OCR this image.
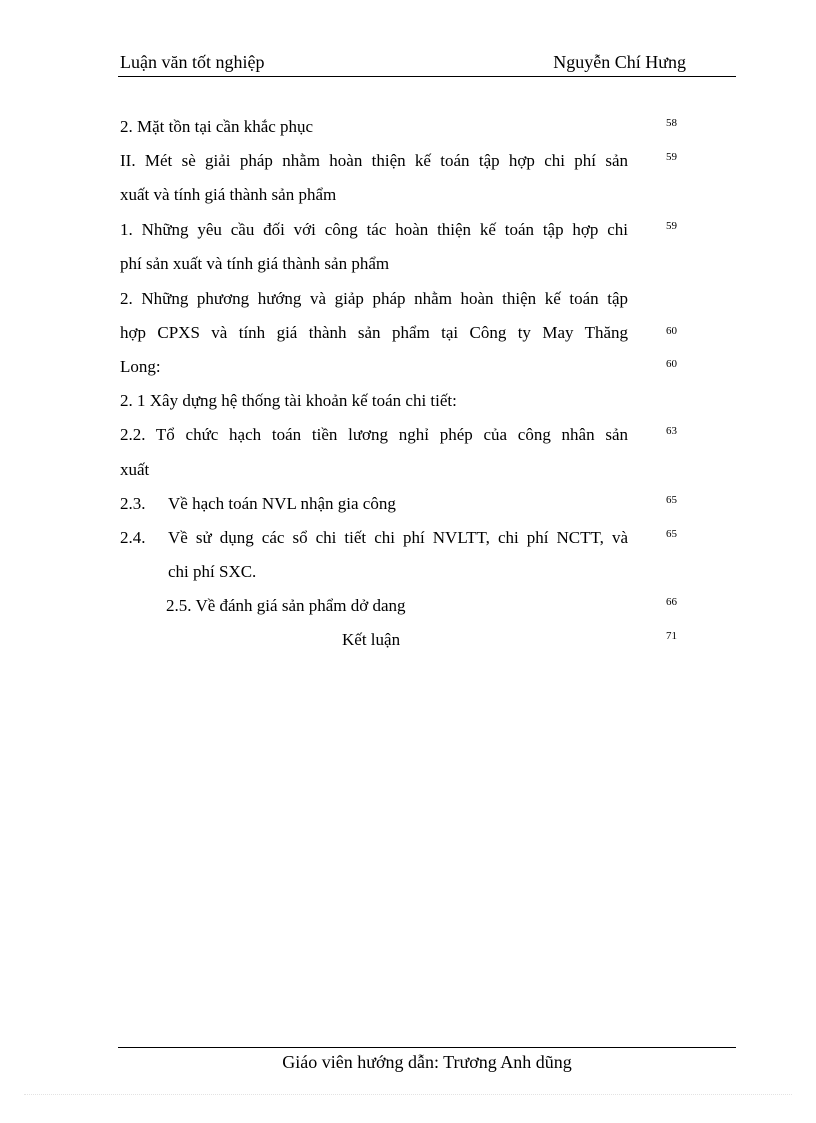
Luận văn tốt nghiệp	Nguyễn Chí Hưng
2. Mặt tồn tại cần khắc phục	58
II. Mét sè giải pháp nhằm hoàn thiện kế toán tập hợp chi phí sản	59
xuất và tính giá thành sản phẩm
1. Những yêu cầu đối với công tác hoàn thiện kế toán tập hợp chi	59
phí sản xuất và tính giá thành sản phẩm
2. Những phương hướng và giảp pháp nhằm hoàn thiện kế toán tập
hợp CPXS và tính giá thành sản phẩm tại Công ty May Thăng	60
Long:	60
2. 1 Xây dựng hệ thống tài khoản kế toán chi tiết:
2.2. Tổ chức hạch toán tiền lương nghỉ phép của công nhân sản	63
xuất
2.3. Về hạch toán NVL nhận gia công	65
2.4. Về sử dụng các sổ chi tiết chi phí NVLTT, chi phí NCTT, và	65
chi phí SXC.
2.5. Về đánh giá sản phẩm dở dang	66
Kết luận	71
Giáo viên hướng dẫn: Trương Anh dũng
